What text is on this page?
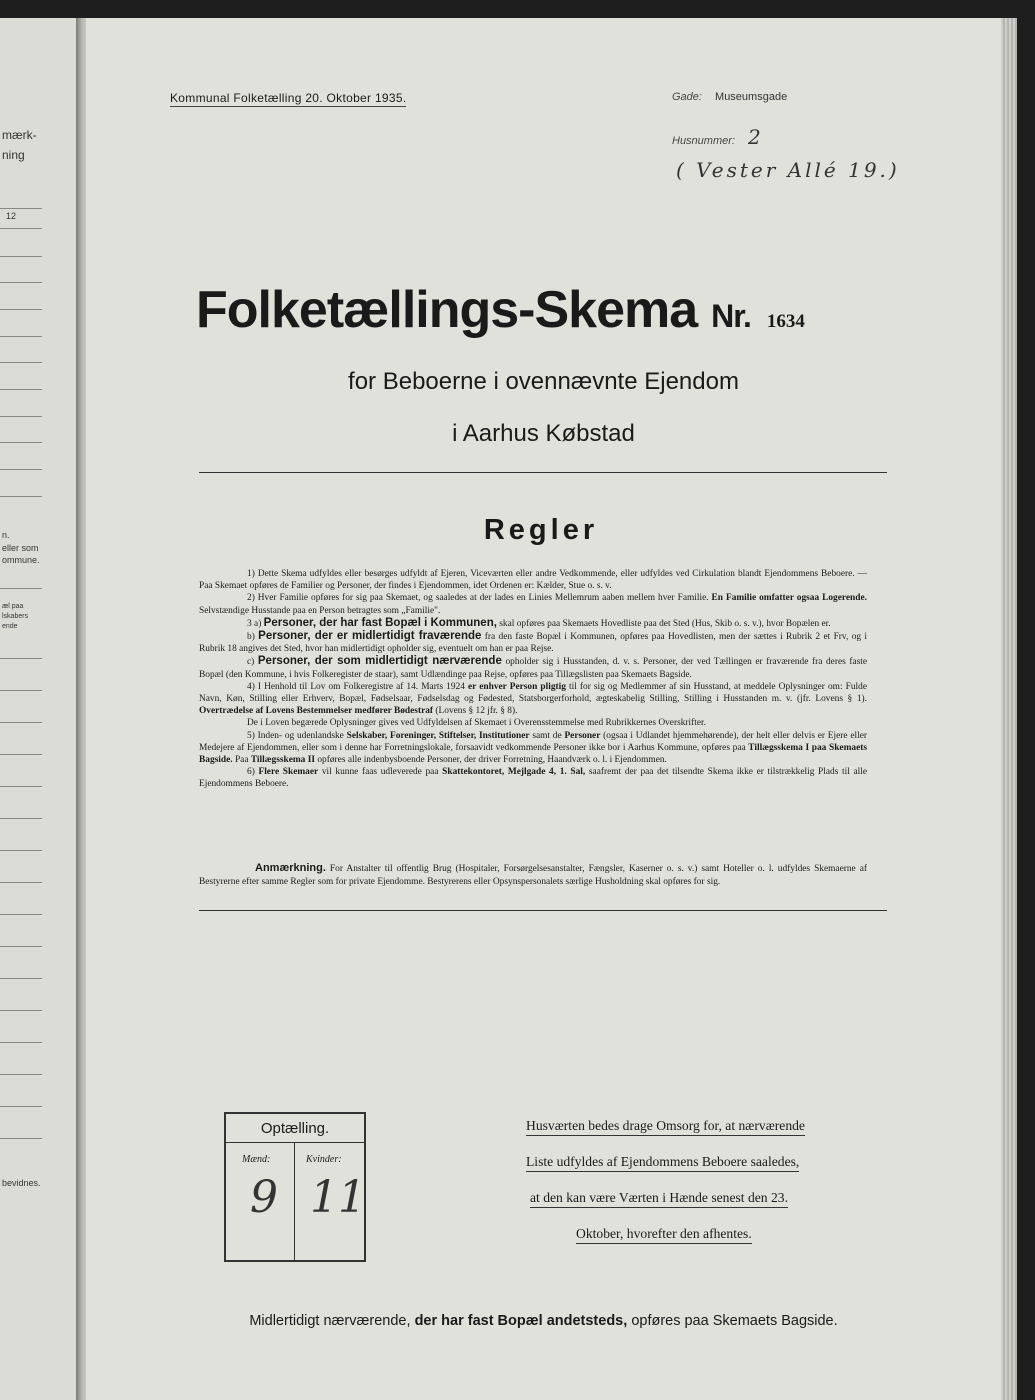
mærk-
ning
12
n.
eller som
ommune.
æl paa
lskabers
ende
bevidnes.
Kommunal Folketælling 20. Oktober 1935.	Gade: Museumsgade
Husnummer: 2
( Vester Allé 19.)
Folketællings-Skema Nr. 1634
for Beboerne i ovennævnte Ejendom
i Aarhus Købstad
Regler

1) Dette Skema udfyldes eller besørges udfyldt af Ejeren, Viceværten eller andre Vedkommende, eller udfyldes ved Cirkulation blandt Ejendommens Beboere. — Paa Skemaet opføres de Familier og Personer, der findes i Ejendommen, idet Ordenen er: Kælder, Stue o. s. v.

2) Hver Familie opføres for sig paa Skemaet, og saaledes at der lades en Linies Mellemrum aaben mellem hver Familie. En Familie omfatter ogsaa Logerende. Selvstændige Husstande paa en Person betragtes som „Familie".

3 a) Personer, der har fast Bopæl i Kommunen, skal opføres paa Skemaets Hovedliste paa det Sted (Hus, Skib o. s. v.), hvor Bopælen er.

b) Personer, der er midlertidigt fraværende fra den faste Bopæl i Kommunen, opføres paa Hovedlisten, men der sættes i Rubrik 2 et Frv, og i Rubrik 18 angives det Sted, hvor han midlertidigt opholder sig, eventuelt om han er paa Rejse.

c) Personer, der som midlertidigt nærværende opholder sig i Husstanden, d. v. s. Personer, der ved Tællingen er fraværende fra deres faste Bopæl (den Kommune, i hvis Folkeregister de staar), samt Udlændinge paa Rejse, opføres paa Tillægslisten paa Skemaets Bagside.

4) I Henhold til Lov om Folkeregistre af 14. Marts 1924 er enhver Person pligtig til for sig og Medlemmer af sin Husstand, at meddele Oplysninger om: Fulde Navn, Køn, Stilling eller Erhverv, Bopæl, Fødselsaar, Fødselsdag og Fødested, Statsborgerforhold, ægteskabelig Stilling, Stilling i Husstanden m. v. (jfr. Lovens § 1). Overtrædelse af Lovens Bestemmelser medfører Bødestraf (Lovens § 12 jfr. § 8).

De i Loven begærede Oplysninger gives ved Udfyldelsen af Skemaet i Overensstemmelse med Rubrikkernes Overskrifter.

5) Inden- og udenlandske Selskaber, Foreninger, Stiftelser, Institutioner samt de Personer (ogsaa i Udlandet hjemmehørende), der helt eller delvis er Ejere eller Medejere af Ejendommen, eller som i denne har Forretningslokale, forsaavidt vedkommende Personer ikke bor i Aarhus Kommune, opføres paa Tillægsskema I paa Skemaets Bagside. Paa Tillægsskema II opføres alle indenbysboende Personer, der driver Forretning, Haandværk o. l. i Ejendommen.

6) Flere Skemaer vil kunne faas udleverede paa Skattekontoret, Mejlgade 4, 1. Sal, saafremt der paa det tilsendte Skema ikke er tilstrækkelig Plads til alle Ejendommens Beboere.

Anmærkning. For Anstalter til offentlig Brug (Hospitaler, Forsørgelsesanstalter, Fængsler, Kaserner o. s. v.) samt Hoteller o. l. udfyldes Skemaerne af Bestyrerne efter samme Regler som for private Ejendomme. Bestyrerens eller Opsynspersonalets særlige Husholdning skal opføres for sig.

Optælling.
Mænd:	Kvinder:
9 11
Husværten bedes drage Omsorg for, at nærværende
Liste udfyldes af Ejendommens Beboere saaledes,
at den kan være Værten i Hænde senest den 23.
Oktober, hvorefter den afhentes.
Midlertidigt nærværende, der har fast Bopæl andetsteds, opføres paa Skemaets Bagside.
